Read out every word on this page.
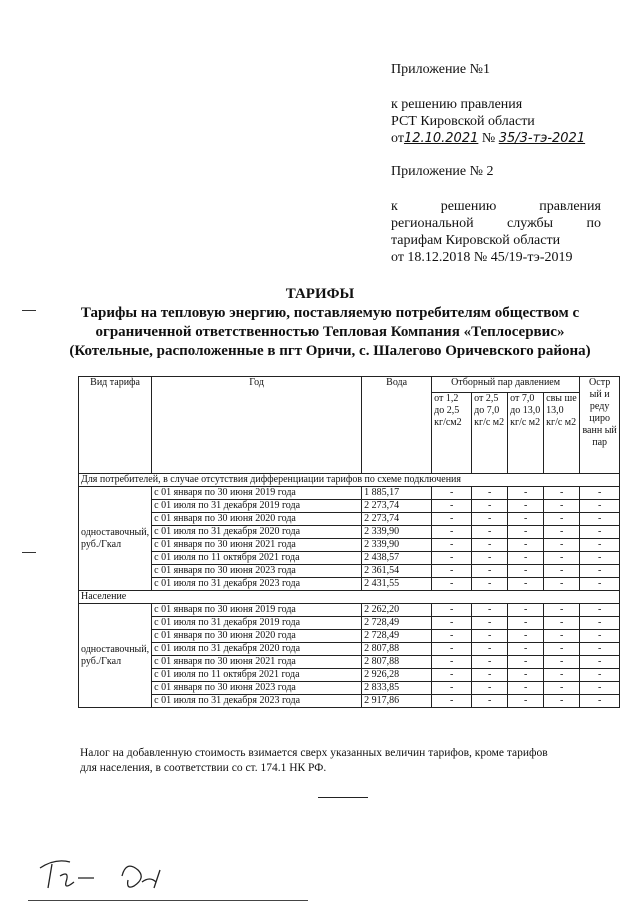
Приложение №1
к решению правления
РСТ Кировской области
от12.10.2021 № 35/3-тэ-2021
Приложение № 2
к	решению	правления
региональной службы по
тарифам Кировской области
от 18.12.2018 № 45/19-тэ-2019
ТАРИФЫ
Тарифы на тепловую энергию, поставляемую потребителям обществом с
ограниченной ответственностью Тепловая Компания «Теплосервис»
(Котельные, расположенные в пгт Оричи, с. Шалегово Оричевского района)
Вид тарифа	Год	Вода	Отборный пар давлением				Остр ый и реду циро ванн ый пар
			от 1,2 до 2,5 кг/см2	от 2,5 до 7,0 кг/с м2	от 7,0 до 13,0 кг/с м2	свы ше 13,0 кг/с м2	
Для потребителей, в случае отсутствия дифференциации тарифов по схеме подключения							
одноставочный, руб./Гкал	с 01 января по 30 июня 2019 года	1 885,17	-	-	-	-	-
	с 01 июля по 31 декабря 2019 года	2 273,74	-	-	-	-	-
	с 01 января по 30 июня 2020 года	2 273,74	-	-	-	-	-
	с 01 июля по 31 декабря 2020 года	2 339,90	-	-	-	-	-
	с 01 января по 30 июня 2021 года	2 339,90	-	-	-	-	-
	с 01 июля по 11 октября 2021 года	2 438,57	-	-	-	-	-
	с 01 января по 30 июня 2023 года	2 361,54	-	-	-	-	-
	с 01 июля по 31 декабря 2023 года	2 431,55	-	-	-	-	-
Население							
одноставочный, руб./Гкал	с 01 января по 30 июня 2019 года	2 262,20	-	-	-	-	-
	с 01 июля по 31 декабря 2019 года	2 728,49	-	-	-	-	-
	с 01 января по 30 июня 2020 года	2 728,49	-	-	-	-	-
	с 01 июля по 31 декабря 2020 года	2 807,88	-	-	-	-	-
	с 01 января по 30 июня 2021 года	2 807,88	-	-	-	-	-
	с 01 июля по 11 октября 2021 года	2 926,28	-	-	-	-	-
	с 01 января по 30 июня 2023 года	2 833,85	-	-	-	-	-
	с 01 июля по 31 декабря 2023 года	2 917,86	-	-	-	-	-
Налог на добавленную стоимость взимается сверх указанных величин тарифов, кроме тарифов
для населения, в соответствии со ст. 174.1 НК РФ.
